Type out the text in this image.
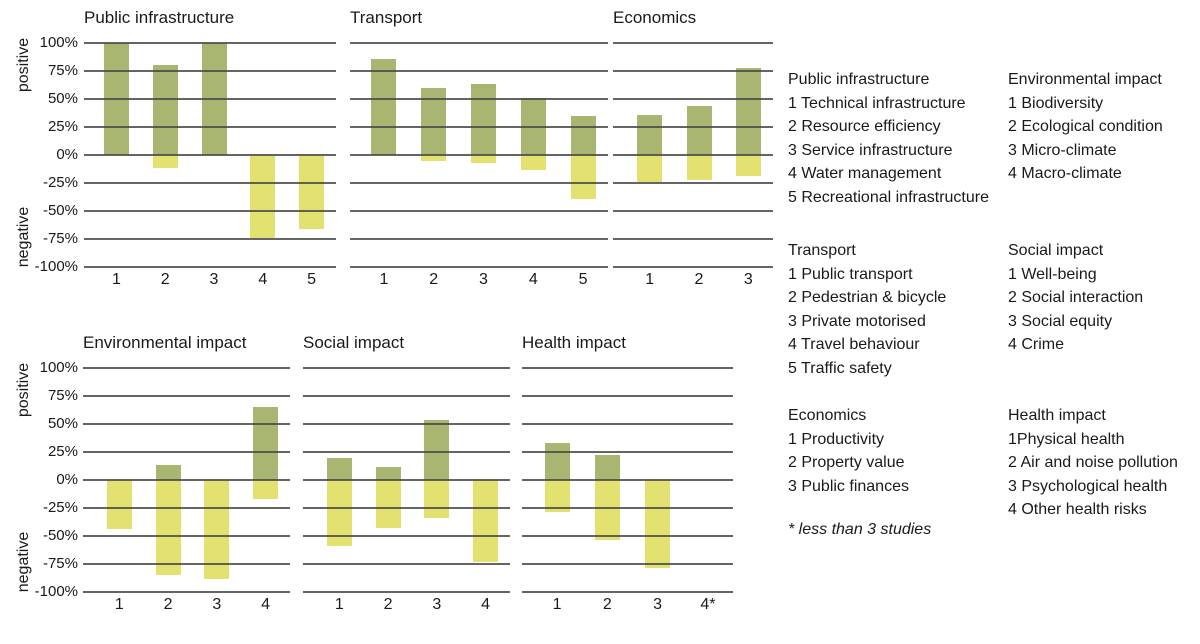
100%
75%
50%
25%
0%
-25%
-50%
-75%
-100%
100%
75%
50%
25%
0%
-25%
-50%
-75%
-100%
positive
negative
positive
negative
Public infrastructure
1	2	3	4	5
Transport
1	2	3	4	5
Economics
1	2	3
Environmental impact
1	2	3	4
Social impact
1	2	3	4
Health impact
1	2	3	4*
Public infrastructure
1 Technical infrastructure
2 Resource efficiency
3 Service infrastructure
4 Water management
5 Recreational infrastructure
Environmental impact
1 Biodiversity
2 Ecological condition
3 Micro-climate
4 Macro-climate
Transport
1 Public transport
2 Pedestrian & bicycle
3 Private motorised
4 Travel behaviour
5 Traffic safety
Social impact
1 Well-being
2 Social interaction
3 Social equity
4 Crime
Economics
1 Productivity
2 Property value
3 Public finances
Health impact
1Physical health
2 Air and noise pollution
3 Psychological health
4 Other health risks
* less than 3 studies
